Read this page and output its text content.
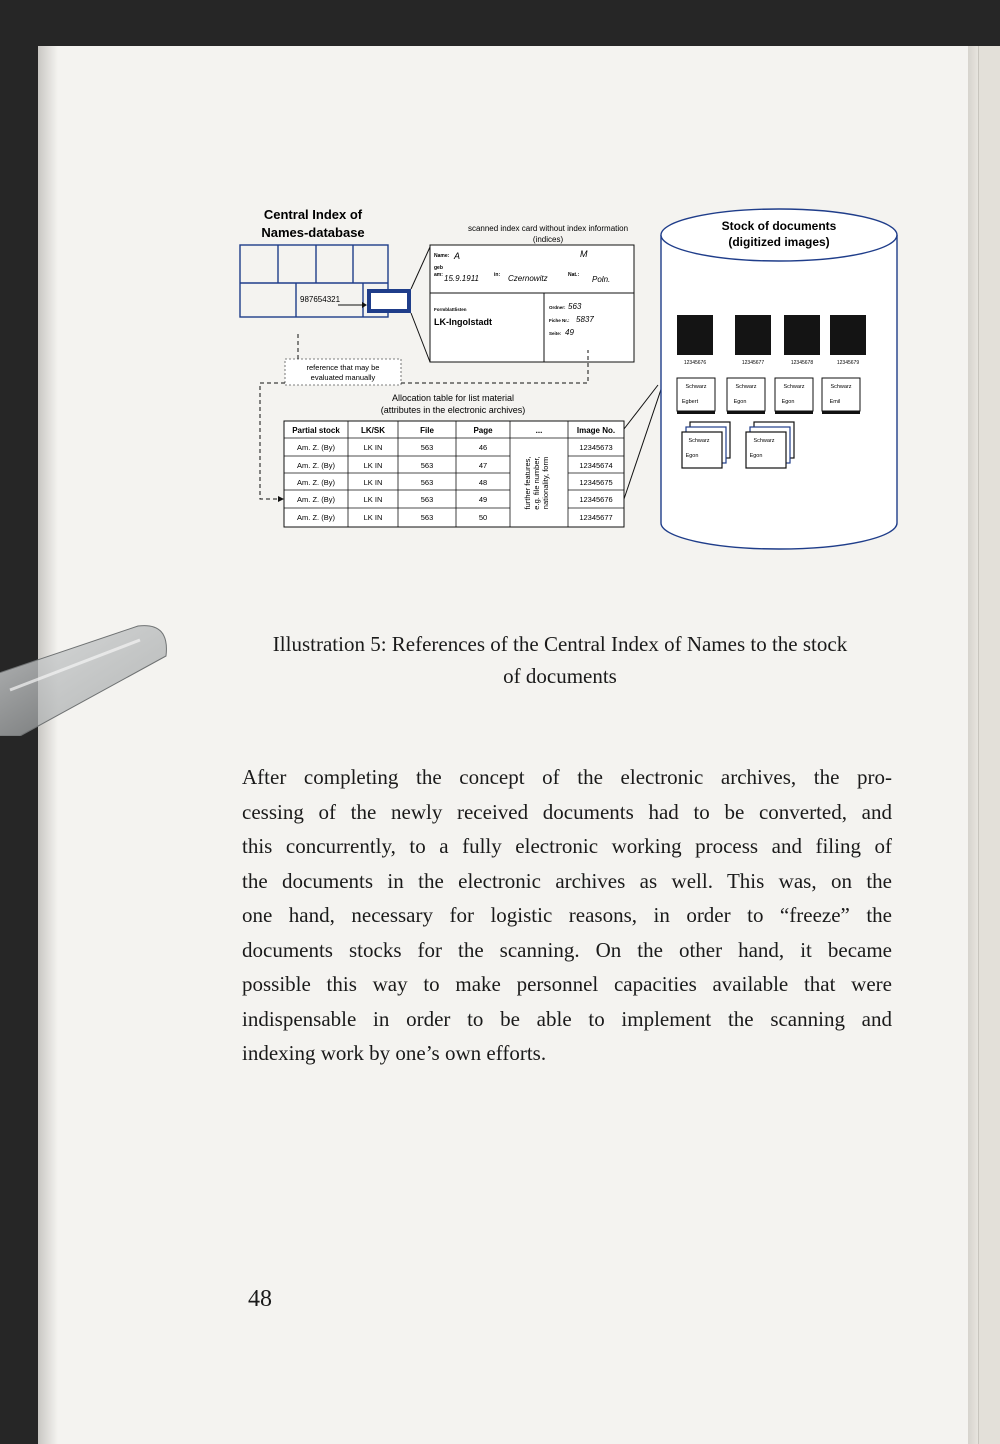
Central Index of
Names-database
987654321
scanned index card without index information
(indices)
Name: A	M
geb
am: 15.9.1911	in: Czernowitz	Nat.: Poln.
Formblattlisten
LK-Ingolstadt
Ordner: 563
Fiche Nr.: 5837
Seite: 49
reference that may be
evaluated manually
Allocation table for list material
(attributes in the electronic archives)
Partial stock	LK/SK	File	Page	...	Image No.
Am. Z. (By)	LK IN	563	46	12345673
Am. Z. (By)	LK IN	563	47	12345674
Am. Z. (By)	LK IN	563	48	12345675
Am. Z. (By)	LK IN	563	49	12345676
Am. Z. (By)	LK IN	563	50	12345677
further features, e.g. file number, nationality, form
Stock of documents
(digitized images)
12345676	12345677	12345678	12345679
Schwarz
Egbert
Schwarz
Egon
Schwarz
Egon
Schwarz
Emil
Schwarz
Egon
Schwarz
Egon
Illustration 5: References of the Central Index of Names to the stock
of documents
After completing the concept of the electronic archives, the pro-
cessing of the newly received documents had to be converted, and
this concurrently, to a fully electronic working process and filing of
the documents in the electronic archives as well. This was, on the
one hand, necessary for logistic reasons, in order to “freeze” the
documents stocks for the scanning. On the other hand, it became
possible this way to make personnel capacities available that were
indispensable in order to be able to implement the scanning and
indexing work by one’s own efforts.
48
